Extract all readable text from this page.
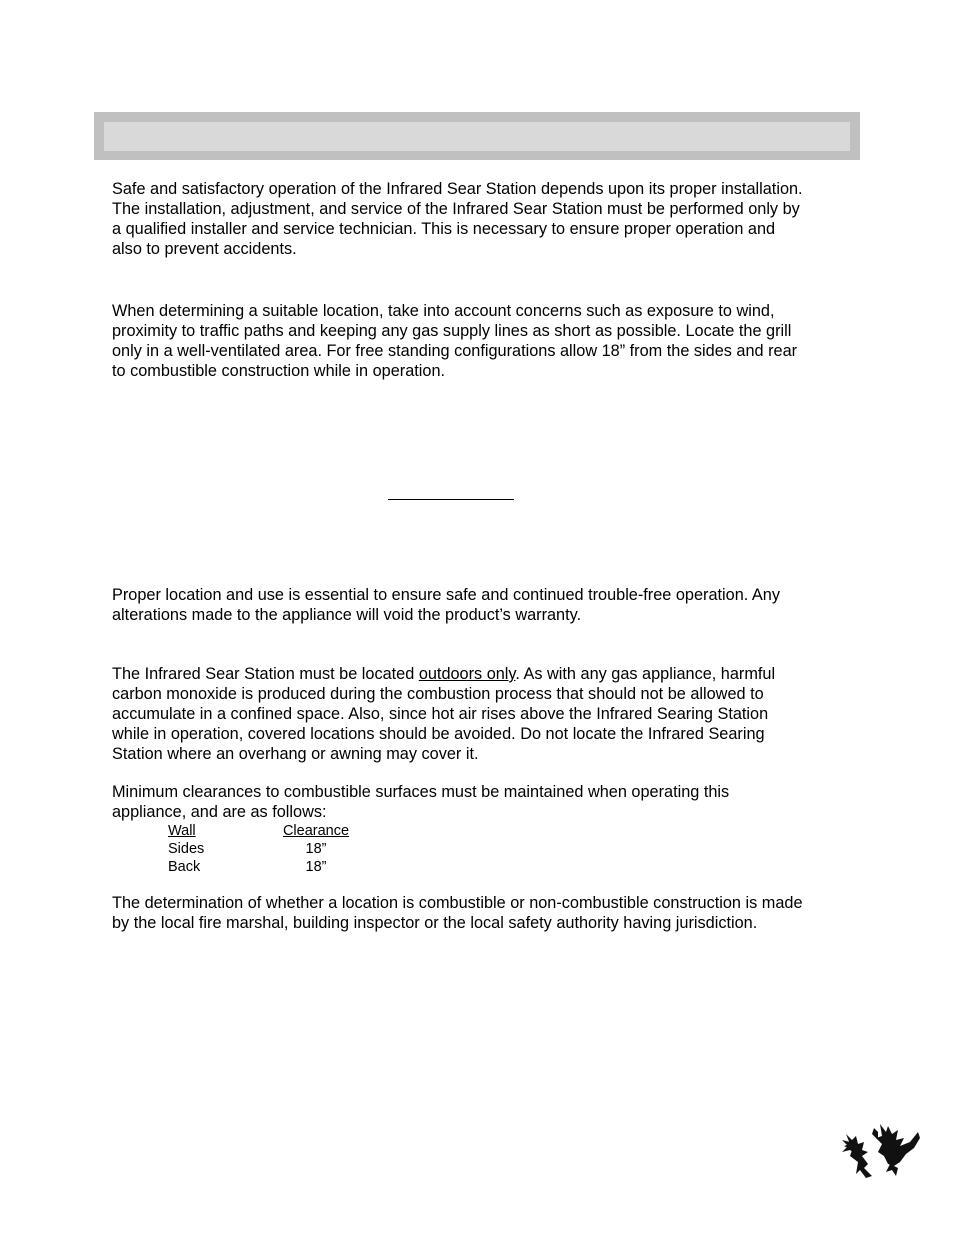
Safe and satisfactory operation of the Infrared Sear Station depends upon its proper installation.
The installation, adjustment, and service of the Infrared Sear Station must be performed only by
a qualified installer and service technician. This is necessary to ensure proper operation and
also to prevent accidents.
When determining a suitable location, take into account concerns such as exposure to wind,
proximity to traffic paths and keeping any gas supply lines as short as possible. Locate the grill
only in a well-ventilated area. For free standing configurations allow 18” from the sides and rear
to combustible construction while in operation.
Proper location and use is essential to ensure safe and continued trouble-free operation. Any
alterations made to the appliance will void the product’s warranty.
The Infrared Sear Station must be located outdoors only. As with any gas appliance, harmful
carbon monoxide is produced during the combustion process that should not be allowed to
accumulate in a confined space. Also, since hot air rises above the Infrared Searing Station
while in operation, covered locations should be avoided. Do not locate the Infrared Searing
Station where an overhang or awning may cover it.
Minimum clearances to combustible surfaces must be maintained when operating this
appliance, and are as follows:
Wall	Clearance
Sides	18”
Back	18”
The determination of whether a location is combustible or non-combustible construction is made
by the local fire marshal, building inspector or the local safety authority having jurisdiction.
